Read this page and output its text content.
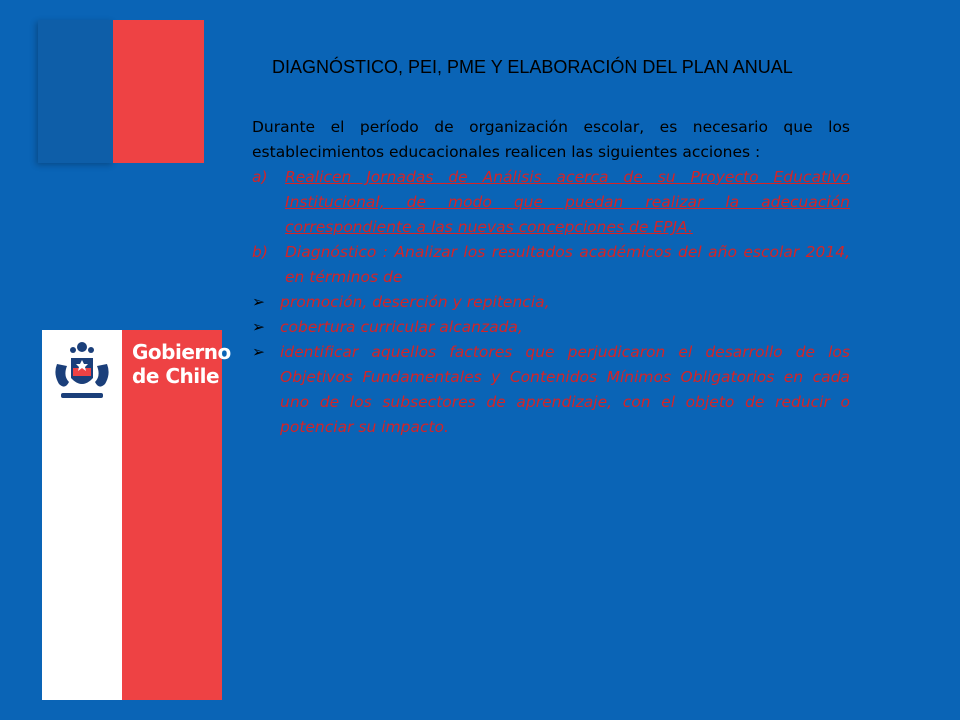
Gobierno
de Chile
DIAGNÓSTICO, PEI, PME Y ELABORACIÓN DEL PLAN ANUAL

Durante el período de organización escolar, es necesario que los establecimientos educacionales realicen las siguientes acciones :

a) Realicen Jornadas de Análisis acerca de su Proyecto Educativo Institucional, de modo que puedan realizar la adecuación correspondiente a las nuevas concepciones de EPJA.

b) Diagnóstico : Analizar los resultados académicos del año escolar 2014, en términos de

➢ promoción, deserción y repitencia,

➢ cobertura curricular alcanzada,

➢ identificar aquellos factores que perjudicaron el desarrollo de los Objetivos Fundamentales y Contenidos Mínimos Obligatorios en cada uno de los subsectores de aprendizaje, con el objeto de reducir o potenciar su impacto.
